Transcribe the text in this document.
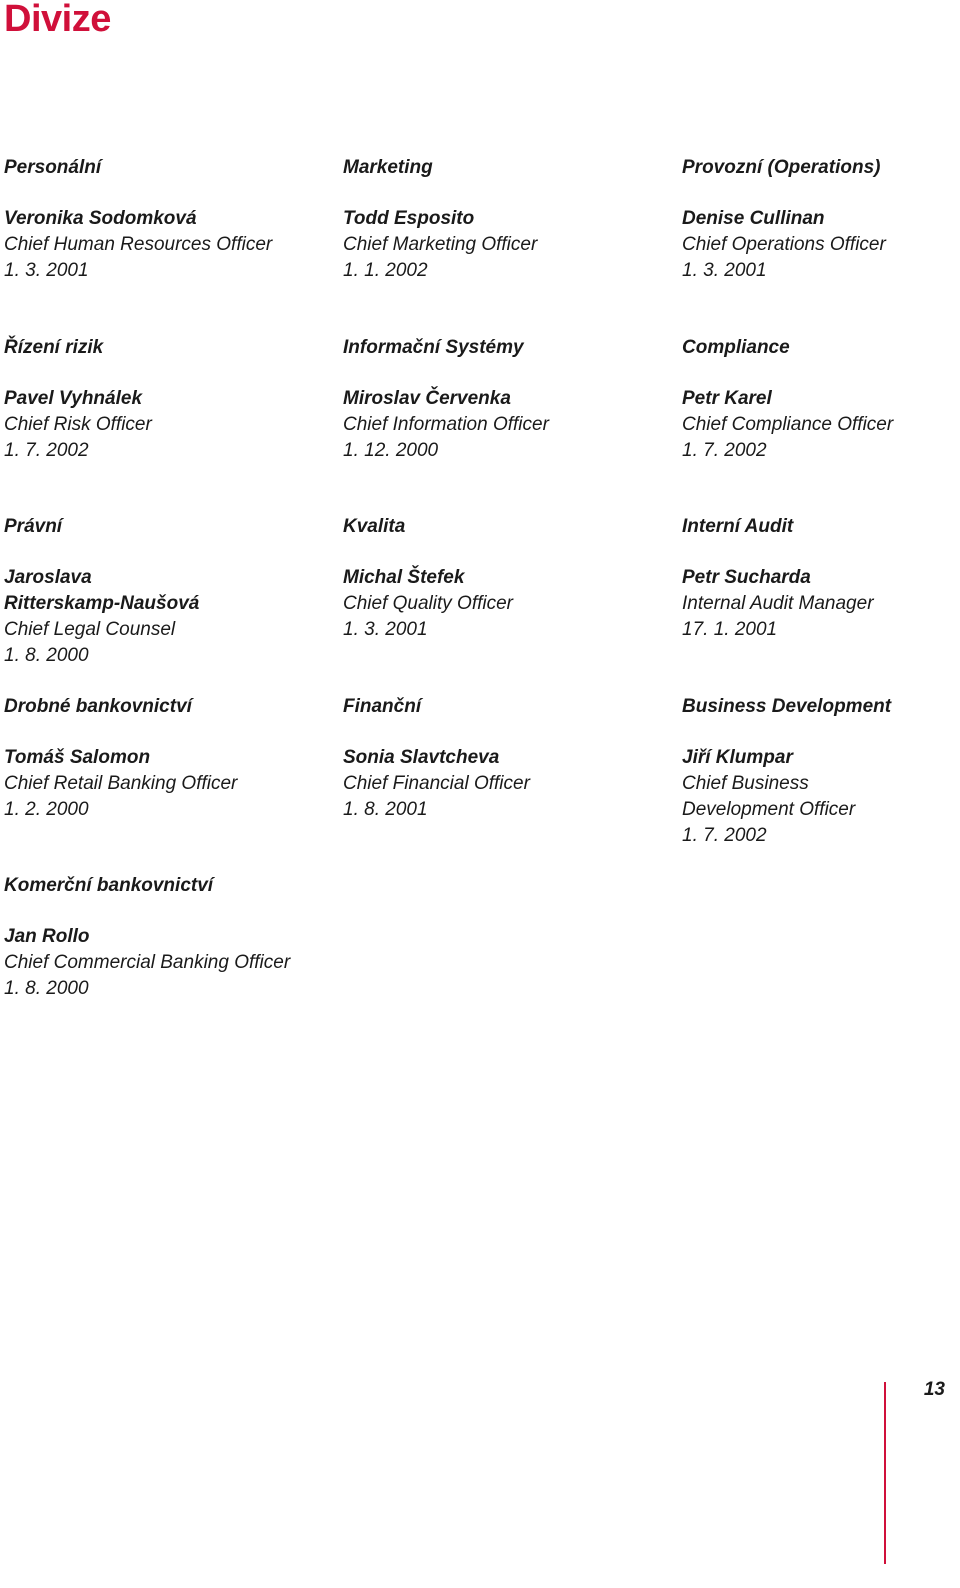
Divize
Personální
Veronika Sodomková
Chief Human Resources Officer
1. 3. 2001
Marketing
Todd Esposito
Chief Marketing Officer
1. 1. 2002
Provozní (Operations)
Denise Cullinan
Chief Operations Officer
1. 3. 2001
Řízení rizik
Pavel Vyhnálek
Chief Risk Officer
1. 7. 2002
Informační Systémy
Miroslav Červenka
Chief Information Officer
1. 12. 2000
Compliance
Petr Karel
Chief Compliance Officer
1. 7. 2002
Právní
Jaroslava
Ritterskamp-Naušová
Chief Legal Counsel
1. 8. 2000
Kvalita
Michal Štefek
Chief Quality Officer
1. 3. 2001
Interní Audit
Petr Sucharda
Internal Audit Manager
17. 1. 2001
Drobné bankovnictví
Tomáš Salomon
Chief Retail Banking Officer
1. 2. 2000
Finanční
Sonia Slavtcheva
Chief Financial Officer
1. 8. 2001
Business Development
Jiří Klumpar
Chief Business
Development Officer
1. 7. 2002
Komerční bankovnictví
Jan Rollo
Chief Commercial Banking Officer
1. 8. 2000
13
